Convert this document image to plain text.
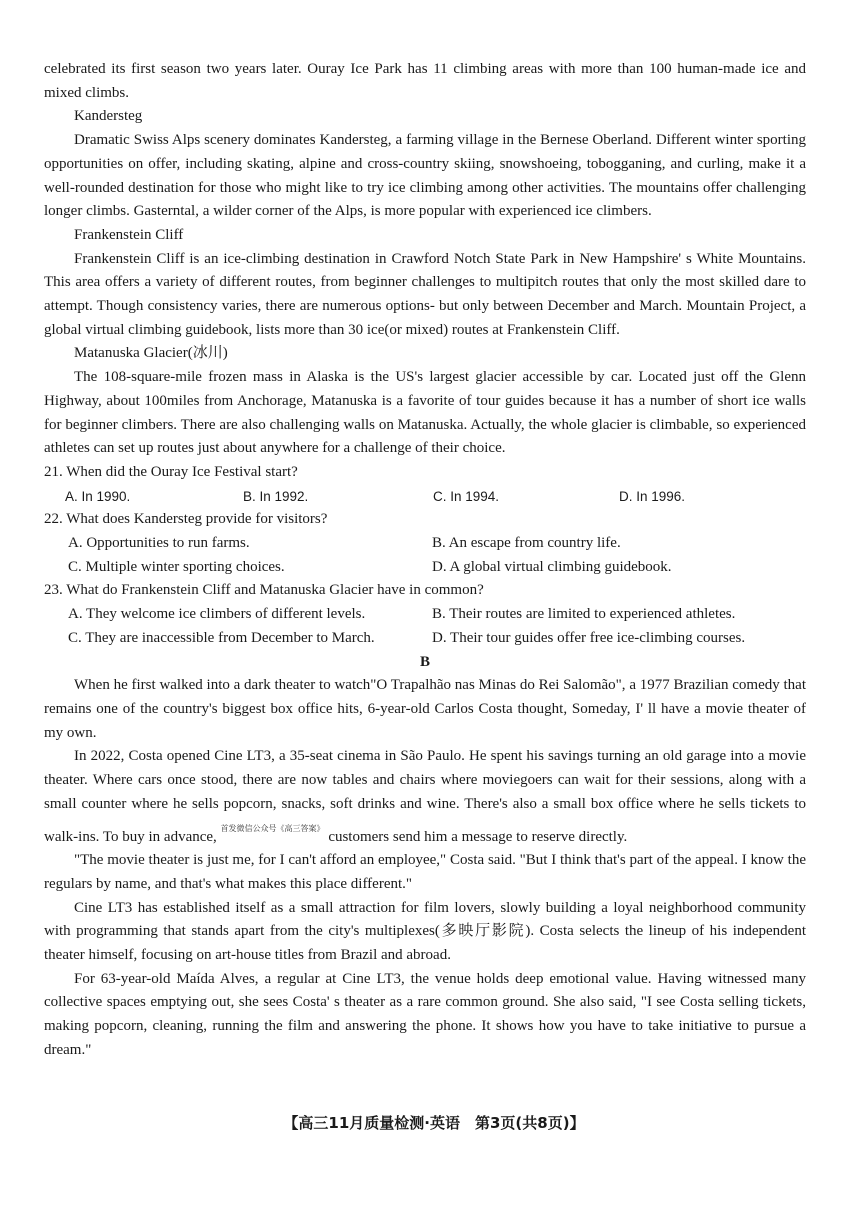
celebrated its first season two years later. Ouray Ice Park has 11 climbing areas with more than 100 human-made ice and mixed climbs.

Kandersteg

Dramatic Swiss Alps scenery dominates Kandersteg, a farming village in the Bernese Oberland. Different winter sporting opportunities on offer, including skating, alpine and cross-country skiing, snowshoeing, tobogganing, and curling, make it a well-rounded destination for those who might like to try ice climbing among other activities. The mountains offer challenging longer climbs. Gasterntal, a wilder corner of the Alps, is more popular with experienced ice climbers.

Frankenstein Cliff

Frankenstein Cliff is an ice-climbing destination in Crawford Notch State Park in New Hampshire' s White Mountains. This area offers a variety of different routes, from beginner challenges to multipitch routes that only the most skilled dare to attempt. Though consistency varies, there are numerous options- but only between December and March. Mountain Project, a global virtual climbing guidebook, lists more than 30 ice(or mixed) routes at Frankenstein Cliff.

Matanuska Glacier(冰川)

The 108-square-mile frozen mass in Alaska is the US's largest glacier accessible by car. Located just off the Glenn Highway, about 100miles from Anchorage, Matanuska is a favorite of tour guides because it has a number of short ice walls for beginner climbers. There are also challenging walls on Matanuska. Actually, the whole glacier is climbable, so experienced athletes can set up routes just about anywhere for a challenge of their choice.

21. When did the Ouray Ice Festival start?
A. In 1990.	B. In 1992.	C. In 1994.	D. In 1996.
22. What does Kandersteg provide for visitors?
A. Opportunities to run farms.	B. An escape from country life.
C. Multiple winter sporting choices.	D. A global virtual climbing guidebook.
23. What do Frankenstein Cliff and Matanuska Glacier have in common?
A. They welcome ice climbers of different levels.	B. Their routes are limited to experienced athletes.
C. They are inaccessible from December to March.	D. Their tour guides offer free ice-climbing courses.
B

When he first walked into a dark theater to watch"O Trapalhão nas Minas do Rei Salomão", a 1977 Brazilian comedy that remains one of the country's biggest box office hits, 6-year-old Carlos Costa thought, Someday, I' ll have a movie theater of my own.

In 2022, Costa opened Cine LT3, a 35-seat cinema in São Paulo. He spent his savings turning an old garage into a movie theater. Where cars once stood, there are now tables and chairs where moviegoers can wait for their sessions, along with a small counter where he sells popcorn, snacks, soft drinks and wine. There's also a small box office where he sells tickets to walk-ins. To buy in advance, $^{首发微信公众号《高三答案》}$ customers send him a message to reserve directly.

"The movie theater is just me, for I can't afford an employee," Costa said. "But I think that's part of the appeal. I know the regulars by name, and that's what makes this place different."

Cine LT3 has established itself as a small attraction for film lovers, slowly building a loyal neighborhood community with programming that stands apart from the city's multiplexes(多映厅影院). Costa selects the lineup of his independent theater himself, focusing on art-house titles from Brazil and abroad.

For 63-year-old Maída Alves, a regular at Cine LT3, the venue holds deep emotional value. Having witnessed many collective spaces emptying out, she sees Costa' s theater as a rare common ground. She also said, "I see Costa selling tickets, making popcorn, cleaning, running the film and answering the phone. It shows how you have to take initiative to pursue a dream."

【高三11月质量检测·英语　第3页(共8页)】
